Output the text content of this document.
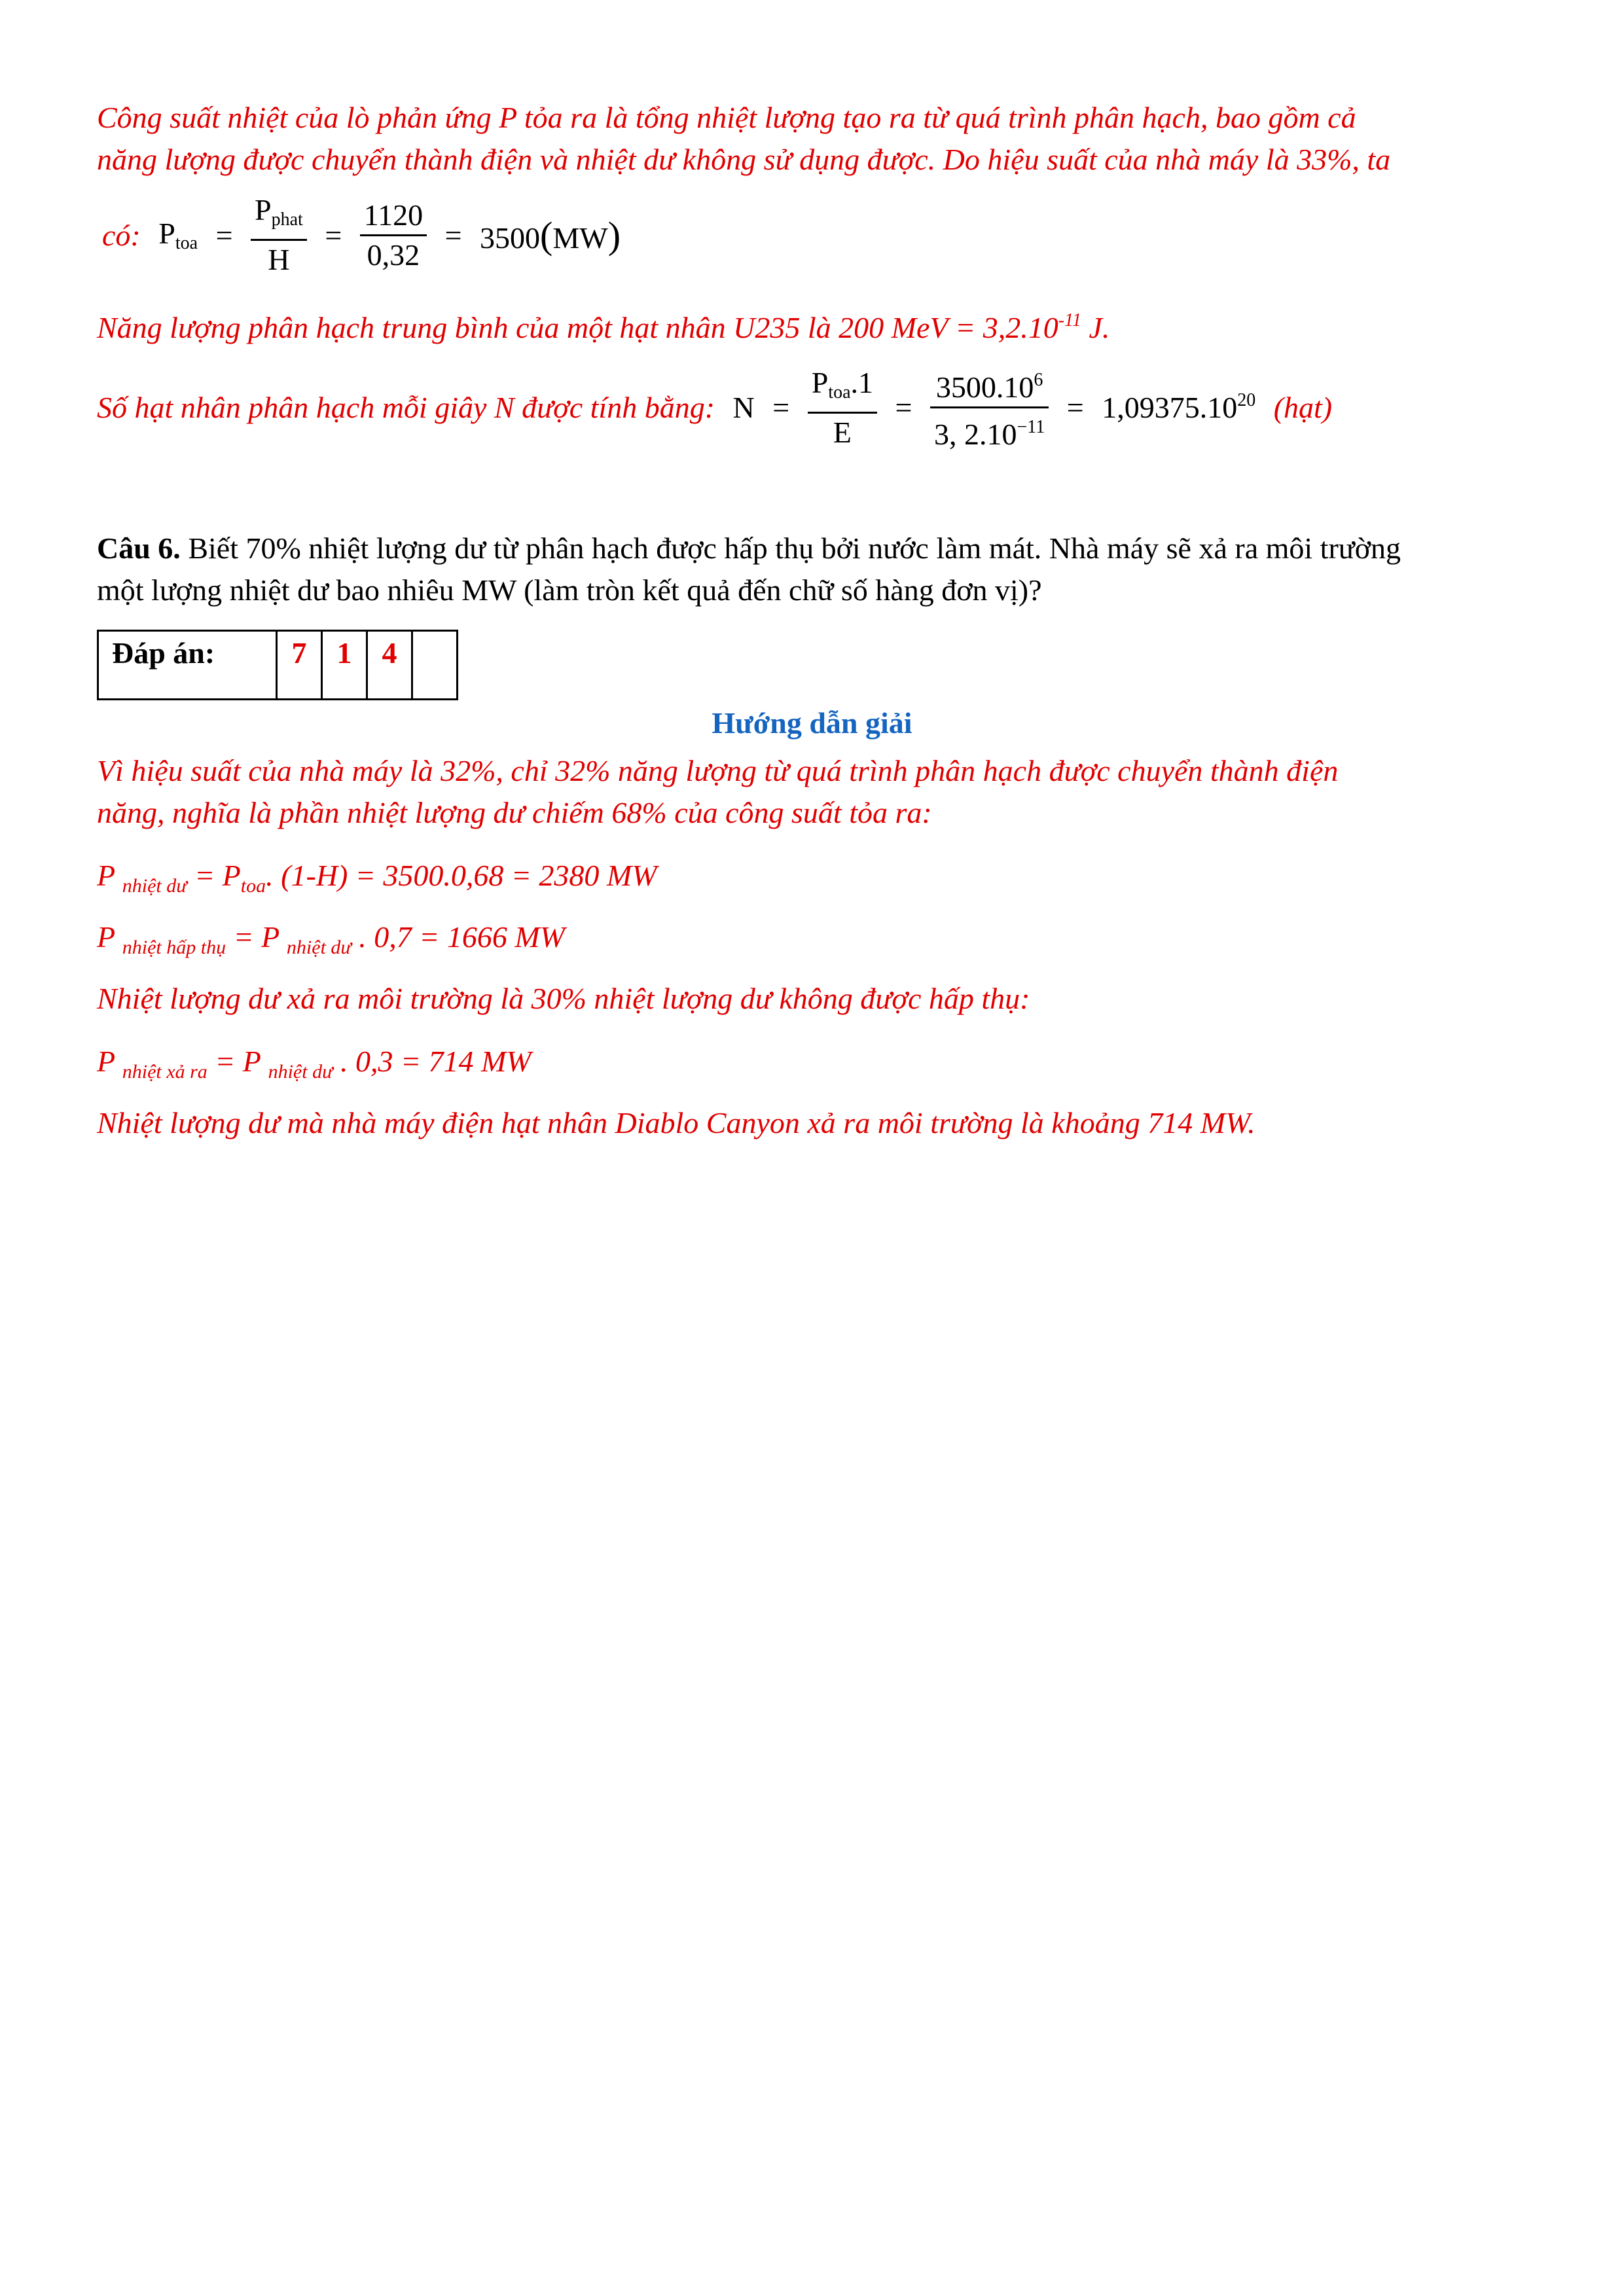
Công suất nhiệt của lò phản ứng P tỏa ra là tổng nhiệt lượng tạo ra từ quá trình phân hạch, bao gồm cả
năng lượng được chuyển thành điện và nhiệt dư không sử dụng được. Do hiệu suất của nhà máy là 33%, ta
có: $P_{toa} = \frac{P_{phat}}{H} = \frac{1120}{0,32} = 3500(MW)$
Năng lượng phân hạch trung bình của một hạt nhân U235 là 200 MeV = $3,2.10^{-11}$ J.
Số hạt nhân phân hạch mỗi giây N được tính bằng: $N = \frac{P_{toa}.1}{E} = \frac{3500.10^6}{3, 2.10^{-11}} = 1,09375.10^{20}$ (hạt)
Câu 6. Biết 70% nhiệt lượng dư từ phân hạch được hấp thụ bởi nước làm mát. Nhà máy sẽ xả ra môi trường
một lượng nhiệt dư bao nhiêu MW (làm tròn kết quả đến chữ số hàng đơn vị)?
Đáp án:	7	1	4	
Hướng dẫn giải
Vì hiệu suất của nhà máy là 32%, chỉ 32% năng lượng từ quá trình phân hạch được chuyển thành điện
năng, nghĩa là phần nhiệt lượng dư chiếm 68% của công suất tỏa ra:
P $_{nhiệt dư} = P_{toa}$. (1-H) = 3500.0,68 = 2380 MW
P $_{nhiệt hấp thụ}$ = P $_{nhiệt dư}$ . 0,7 = 1666 MW
Nhiệt lượng dư xả ra môi trường là 30% nhiệt lượng dư không được hấp thụ:
P $_{nhiệt xả ra}$ = P $_{nhiệt dư}$ . 0,3 = 714 MW
Nhiệt lượng dư mà nhà máy điện hạt nhân Diablo Canyon xả ra môi trường là khoảng 714 MW.
